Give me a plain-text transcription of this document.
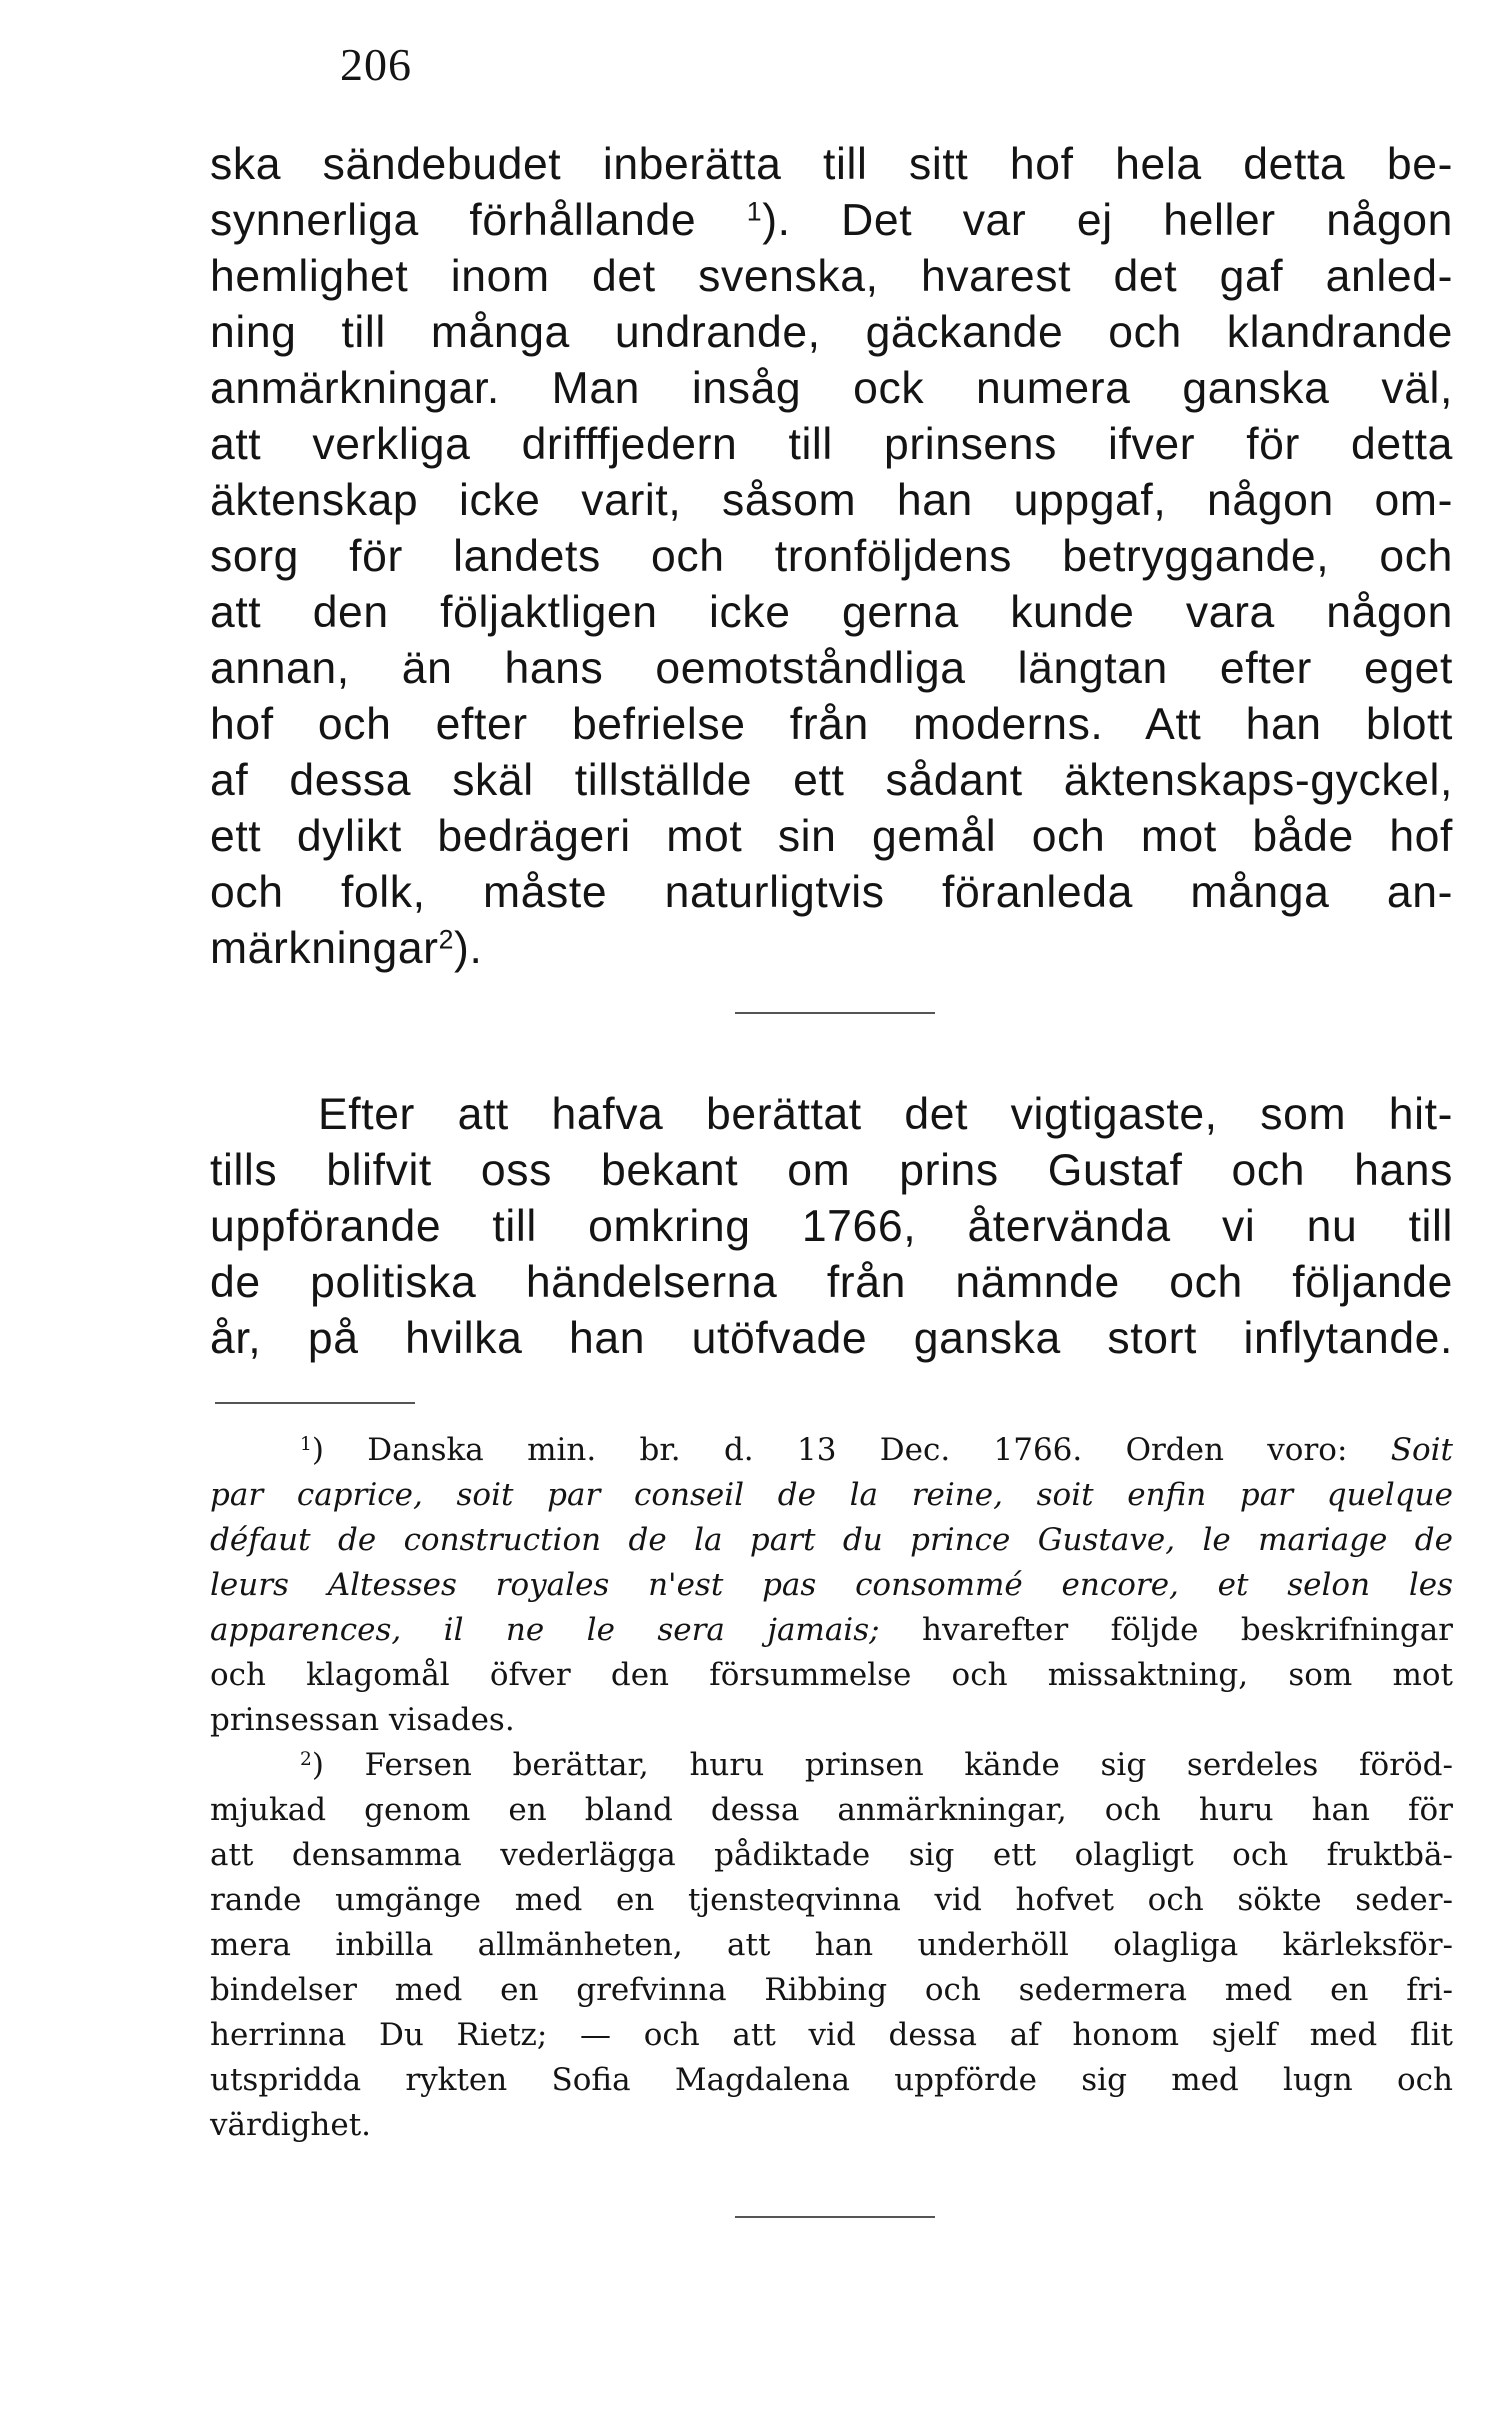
206
ska sändebudet inberätta till sitt hof hela detta be-
synnerliga förhållande $^1$). Det var ej heller någon
hemlighet inom det svenska, hvarest det gaf anled-
ning till många undrande, gäckande och klandrande
anmärkningar. Man insåg ock numera ganska väl,
att verkliga drifffjedern till prinsens ifver för detta
äktenskap icke varit, såsom han uppgaf, någon om-
sorg för landets och tronföljdens betryggande, och
att den följaktligen icke gerna kunde vara någon
annan, än hans oemotståndliga längtan efter eget
hof och efter befrielse från moderns. Att han blott
af dessa skäl tillställde ett sådant äktenskaps-gyckel,
ett dylikt bedrägeri mot sin gemål och mot både hof
och folk, måste naturligtvis föranleda många an-
märkningar$^2$).
Efter att hafva berättat det vigtigaste, som hit-
tills blifvit oss bekant om prins Gustaf och hans
uppförande till omkring 1766, återvända vi nu till
de politiska händelserna från nämnde och följande
år, på hvilka han utöfvade ganska stort inflytande.
$^1$) Danska min. br. d. 13 Dec. 1766. Orden voro: Soit
par caprice, soit par conseil de la reine, soit enfin par quelque
défaut de construction de la part du prince Gustave, le mariage de
leurs Altesses royales n'est pas consommé encore, et selon les
apparences, il ne le sera jamais; hvarefter följde beskrifningar
och klagomål öfver den försummelse och missaktning, som mot
prinsessan visades.
$^2$) Fersen berättar, huru prinsen kände sig serdeles föröd-
mjukad genom en bland dessa anmärkningar, och huru han för
att densamma vederlägga pådiktade sig ett olagligt och fruktbä-
rande umgänge med en tjensteqvinna vid hofvet och sökte seder-
mera inbilla allmänheten, att han underhöll olagliga kärleksför-
bindelser med en grefvinna Ribbing och sedermera med en fri-
herrinna Du Rietz; — och att vid dessa af honom sjelf med flit
utspridda rykten Sofia Magdalena uppförde sig med lugn och
värdighet.
